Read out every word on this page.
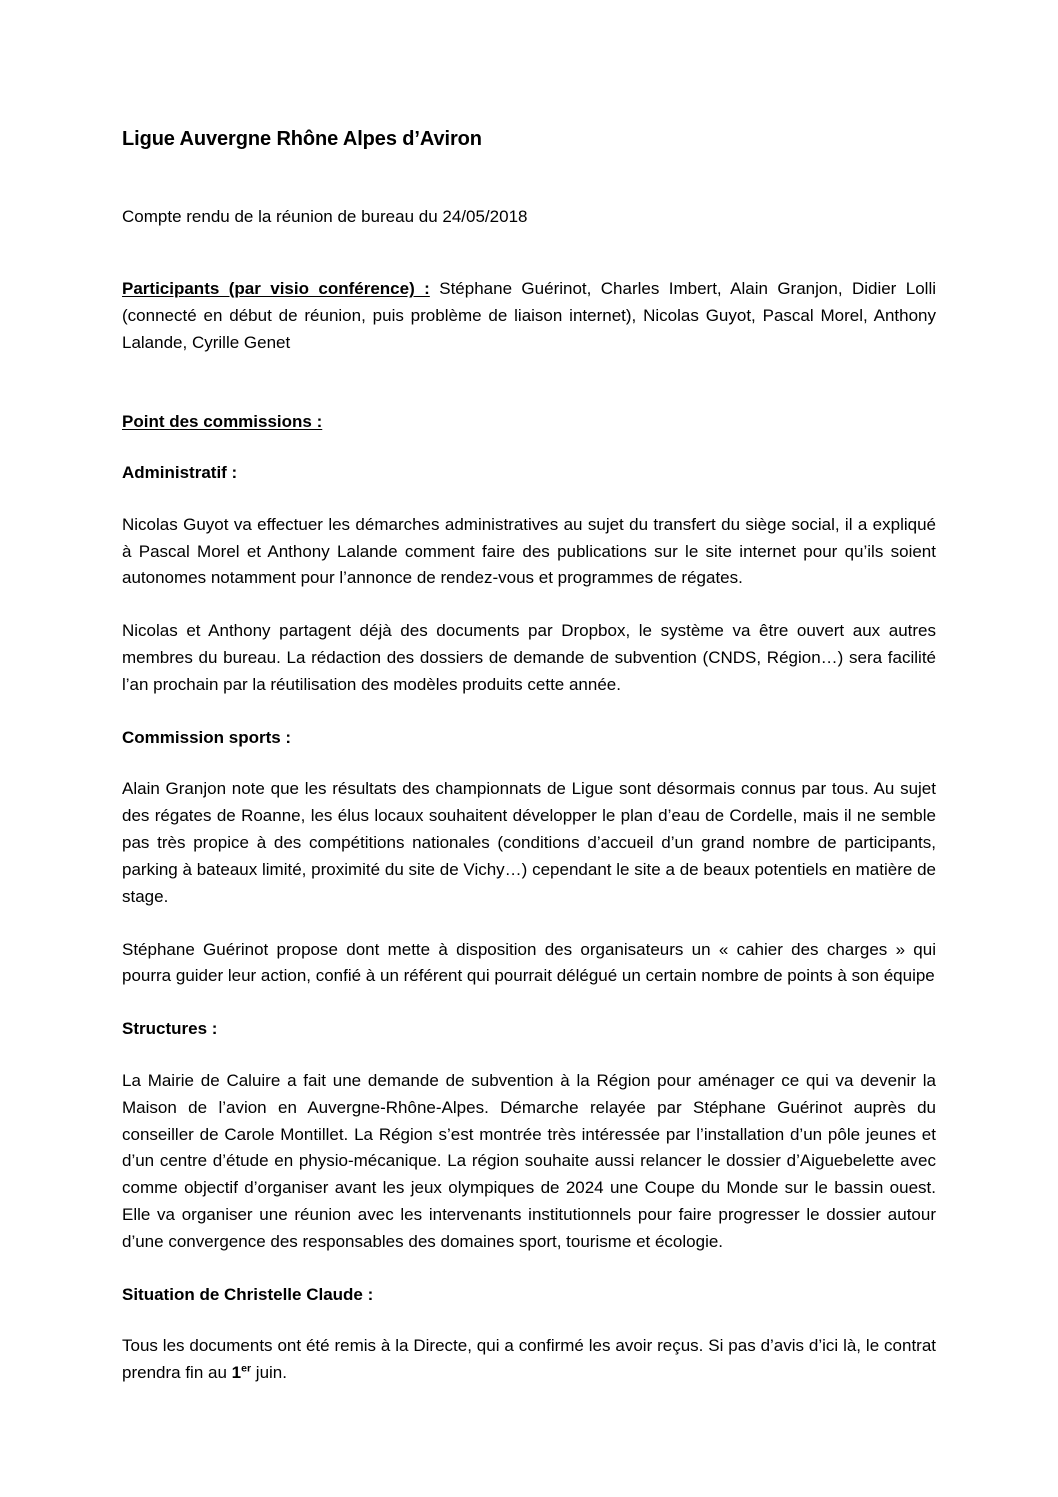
Ligue Auvergne Rhône Alpes d’Aviron

Compte rendu de la réunion de bureau du 24/05/2018

Participants (par visio conférence) : Stéphane Guérinot, Charles Imbert, Alain Granjon, Didier Lolli (connecté en début de réunion, puis problème de liaison internet), Nicolas Guyot, Pascal Morel, Anthony Lalande, Cyrille Genet

Point des commissions :

Administratif :

Nicolas Guyot va effectuer les démarches administratives au sujet du transfert du siège social, il a expliqué à Pascal Morel et Anthony Lalande comment faire des publications sur le site internet pour qu’ils soient autonomes notamment pour l’annonce de rendez-vous et programmes de régates.

Nicolas et Anthony partagent déjà des documents par Dropbox, le système va être ouvert aux autres membres du bureau. La rédaction des dossiers de demande de subvention (CNDS, Région…) sera facilité l’an prochain par la réutilisation des modèles produits cette année.

Commission sports :

Alain Granjon note que les résultats des championnats de Ligue sont désormais connus par tous. Au sujet des régates de Roanne, les élus locaux souhaitent développer le plan d’eau de Cordelle, mais il ne semble pas très propice à des compétitions nationales (conditions d’accueil d’un grand nombre de participants, parking à bateaux limité, proximité du site de Vichy…) cependant le site a de beaux potentiels en matière de stage.

Stéphane Guérinot propose dont mette à disposition des organisateurs un « cahier des charges » qui pourra guider leur action, confié à un référent qui pourrait délégué un certain nombre de points à son équipe

Structures :

La Mairie de Caluire a fait une demande de subvention à la Région pour aménager ce qui va devenir la Maison de l’avion en Auvergne-Rhône-Alpes. Démarche relayée par Stéphane Guérinot auprès du conseiller de Carole Montillet. La Région s’est montrée très intéressée par l’installation d’un pôle jeunes et d’un centre d’étude en physio-mécanique. La région souhaite aussi relancer le dossier d’Aiguebelette avec comme objectif d’organiser avant les jeux olympiques de 2024 une Coupe du Monde sur le bassin ouest. Elle va organiser une réunion avec les intervenants institutionnels pour faire progresser le dossier autour d’une convergence des responsables des domaines sport, tourisme et écologie.

Situation de Christelle Claude :

Tous les documents ont été remis à la Directe, qui a confirmé les avoir reçus. Si pas d’avis d’ici là, le contrat prendra fin au 1er juin.
